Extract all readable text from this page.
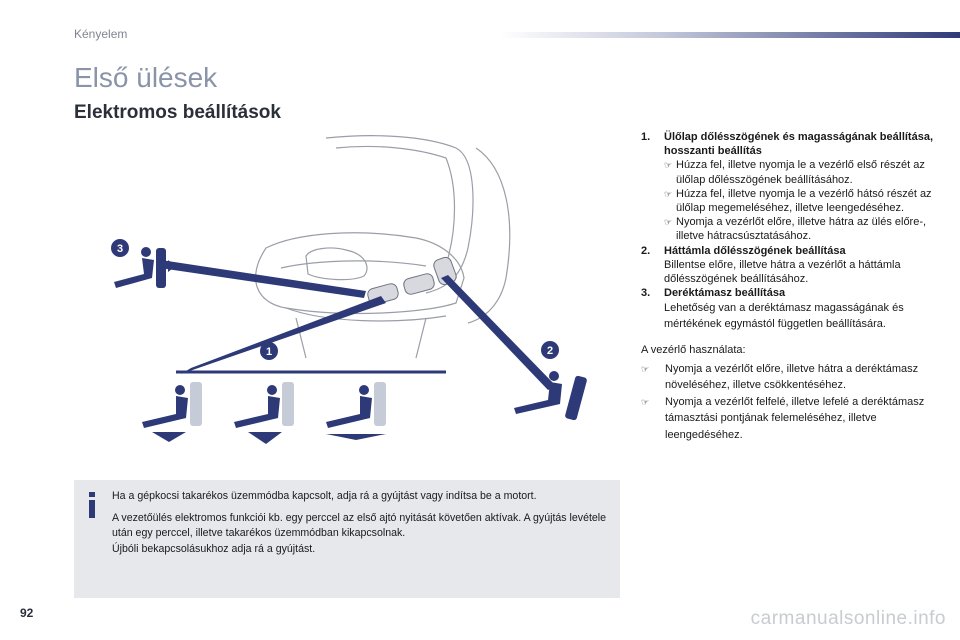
Kényelem
Első ülések
Elektromos beállítások
3
1	2
1. Ülőlap dőlésszögének és magasságának beállítása, hosszanti beállítás
☞ Húzza fel, illetve nyomja le a vezérlő első részét az ülőlap dőlésszögének beállításához.
☞ Húzza fel, illetve nyomja le a vezérlő hátsó részét az ülőlap megemeléséhez, illetve leengedéséhez.
☞ Nyomja a vezérlőt előre, illetve hátra az ülés előre-, illetve hátracsúsztatásához.
2. Háttámla dőlésszögének beállítása
Billentse előre, illetve hátra a vezérlőt a háttámla dőlésszögének beállításához.
3. Deréktámasz beállítása
Lehetőség van a deréktámasz magasságának és mértékének egymástól független beállítására.
A vezérlő használata:
☞ Nyomja a vezérlőt előre, illetve hátra a deréktámasz növeléséhez, illetve csökkentéséhez.
☞ Nyomja a vezérlőt felfelé, illetve lefelé a deréktámasz támasztási pontjának felemeléséhez, illetve leengedéséhez.

Ha a gépkocsi takarékos üzemmódba kapcsolt, adja rá a gyújtást vagy indítsa be a motort.

A vezetőülés elektromos funkciói kb. egy perccel az első ajtó nyitását követően aktívak. A gyújtás levétele után egy perccel, illetve takarékos üzemmódban kikapcsolnak.

Újbóli bekapcsolásukhoz adja rá a gyújtást.

92	carmanualsonline.info
